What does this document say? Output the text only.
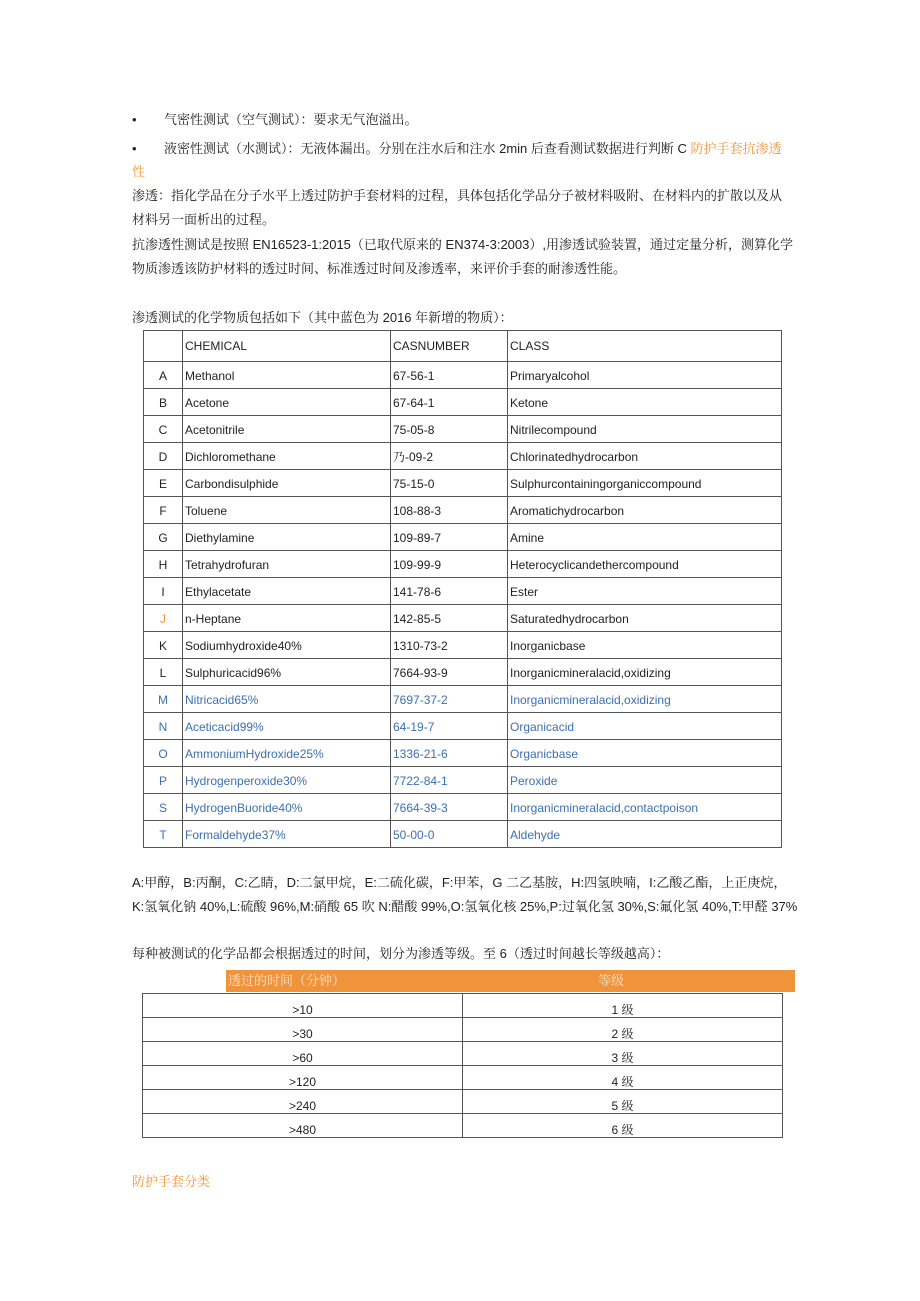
• 气密性测试（空气测试）：要求无气泡溢出。
• 液密性测试（水测试）：无液体漏出。分别在注水后和注水 2min 后查看测试数据进行判断 C 防护手套抗渗透
性
渗透：指化学品在分子水平上透过防护手套材料的过程，具体包括化学品分子被材料吸附、在材料内的扩散以及从
材料另一面析出的过程。
抗渗透性测试是按照 EN16523-1:2015（已取代原来的 EN374-3:2003）,用渗透试验装置，通过定量分析，测算化学
物质渗透该防护材料的透过时间、标准透过时间及渗透率，来评价手套的耐渗透性能。
渗透测试的化学物质包括如下（其中蓝色为 2016 年新增的物质）：
	CHEMICAL	CASNUMBER	CLASS
A	Methanol	67-56-1	Primaryalcohol
B	Acetone	67-64-1	Ketone
C	Acetonitrile	75-05-8	Nitrilecompound
D	Dichloromethane	乃-09-2	Chlorinatedhydrocarbon
E	Carbondisulphide	75-15-0	Sulphurcontainingorganiccompound
F	Toluene	108-88-3	Aromatichydrocarbon
G	Diethylamine	109-89-7	Amine
H	Tetrahydrofuran	109-99-9	Heterocyclicandethercompound
I	Ethylacetate	141-78-6	Ester
J	n-Heptane	142-85-5	Saturatedhydrocarbon
K	Sodiumhydroxide40%	1310-73-2	Inorganicbase
L	Sulphuricacid96%	7664-93-9	Inorganicmineralacid,oxidizing
M	Nitricacid65%	7697-37-2	Inorganicmineralacid,oxidizing
N	Aceticacid99%	64-19-7	Organicacid
O	AmmoniumHydroxide25%	1336-21-6	Organicbase
P	Hydrogenperoxide30%	7722-84-1	Peroxide
S	HydrogenBuoride40%	7664-39-3	Inorganicmineralacid,contactpoison
T	Formaldehyde37%	50-00-0	Aldehyde
A:甲醇，B:丙酮，C:乙睛，D:二氯甲烷，E:二硫化碳，F:甲苯，G 二乙基胺，H:四氢映喃，I:乙酸乙酯，上正庚烷，
K:氢氧化钠 40%,L:硫酸 96%,M:硝酸 65 吹 N:醋酸 99%,O:氢氧化核 25%,P:过氧化氢 30%,S:氟化氢 40%,T:甲醛 37%
每种被测试的化学品都会根据透过的时间，划分为渗透等级。至 6（透过时间越长等级越高）：
透过的时间（分钟）	等级
>10	1 级
>30	2 级
>60	3 级
>120	4 级
>240	5 级
>480	6 级
防护手套分类
